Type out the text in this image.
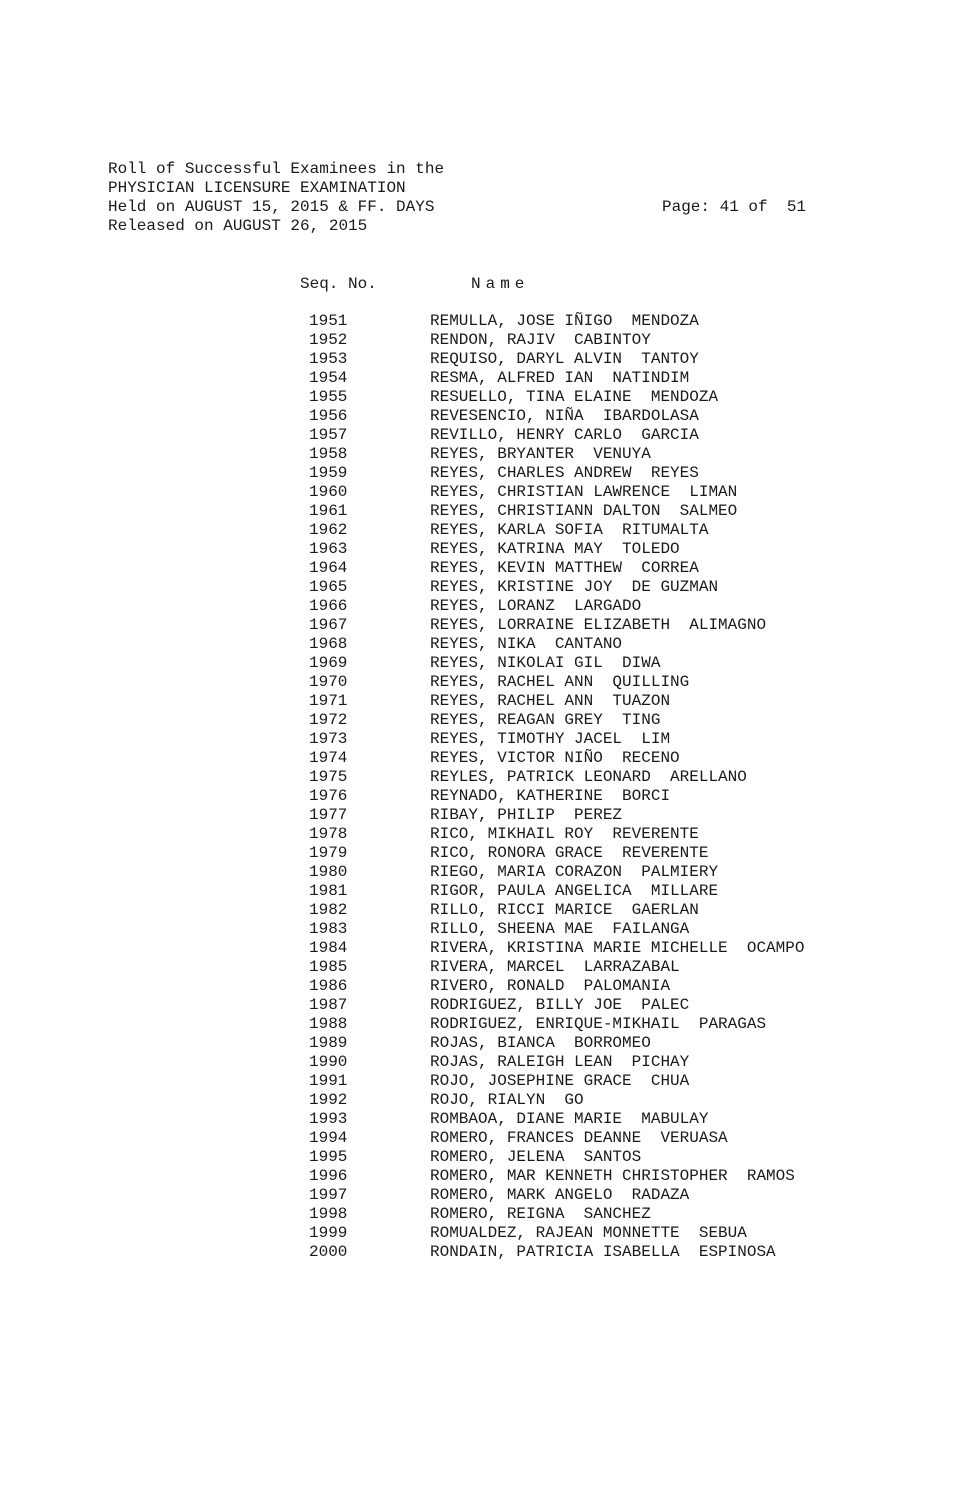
Roll of Successful Examinees in the
PHYSICIAN LICENSURE EXAMINATION
Held on AUGUST 15, 2015 & FF. DAYS
Released on AUGUST 26, 2015
Page: 41 of  51
Seq. No.	Name
1951	REMULLA, JOSE IÑIGO  MENDOZA
1952	RENDON, RAJIV  CABINTOY
1953	REQUISO, DARYL ALVIN  TANTOY
1954	RESMA, ALFRED IAN  NATINDIM
1955	RESUELLO, TINA ELAINE  MENDOZA
1956	REVESENCIO, NIÑA  IBARDOLASA
1957	REVILLO, HENRY CARLO  GARCIA
1958	REYES, BRYANTER  VENUYA
1959	REYES, CHARLES ANDREW  REYES
1960	REYES, CHRISTIAN LAWRENCE  LIMAN
1961	REYES, CHRISTIANN DALTON  SALMEO
1962	REYES, KARLA SOFIA  RITUMALTA
1963	REYES, KATRINA MAY  TOLEDO
1964	REYES, KEVIN MATTHEW  CORREA
1965	REYES, KRISTINE JOY  DE GUZMAN
1966	REYES, LORANZ  LARGADO
1967	REYES, LORRAINE ELIZABETH  ALIMAGNO
1968	REYES, NIKA  CANTANO
1969	REYES, NIKOLAI GIL  DIWA
1970	REYES, RACHEL ANN  QUILLING
1971	REYES, RACHEL ANN  TUAZON
1972	REYES, REAGAN GREY  TING
1973	REYES, TIMOTHY JACEL  LIM
1974	REYES, VICTOR NIÑO  RECENO
1975	REYLES, PATRICK LEONARD  ARELLANO
1976	REYNADO, KATHERINE  BORCI
1977	RIBAY, PHILIP  PEREZ
1978	RICO, MIKHAIL ROY  REVERENTE
1979	RICO, RONORA GRACE  REVERENTE
1980	RIEGO, MARIA CORAZON  PALMIERY
1981	RIGOR, PAULA ANGELICA  MILLARE
1982	RILLO, RICCI MARICE  GAERLAN
1983	RILLO, SHEENA MAE  FAILANGA
1984	RIVERA, KRISTINA MARIE MICHELLE  OCAMPO
1985	RIVERA, MARCEL  LARRAZABAL
1986	RIVERO, RONALD  PALOMANIA
1987	RODRIGUEZ, BILLY JOE  PALEC
1988	RODRIGUEZ, ENRIQUE-MIKHAIL  PARAGAS
1989	ROJAS, BIANCA  BORROMEO
1990	ROJAS, RALEIGH LEAN  PICHAY
1991	ROJO, JOSEPHINE GRACE  CHUA
1992	ROJO, RIALYN  GO
1993	ROMBAOA, DIANE MARIE  MABULAY
1994	ROMERO, FRANCES DEANNE  VERUASA
1995	ROMERO, JELENA  SANTOS
1996	ROMERO, MAR KENNETH CHRISTOPHER  RAMOS
1997	ROMERO, MARK ANGELO  RADAZA
1998	ROMERO, REIGNA  SANCHEZ
1999	ROMUALDEZ, RAJEAN MONNETTE  SEBUA
2000	RONDAIN, PATRICIA ISABELLA  ESPINOSA
